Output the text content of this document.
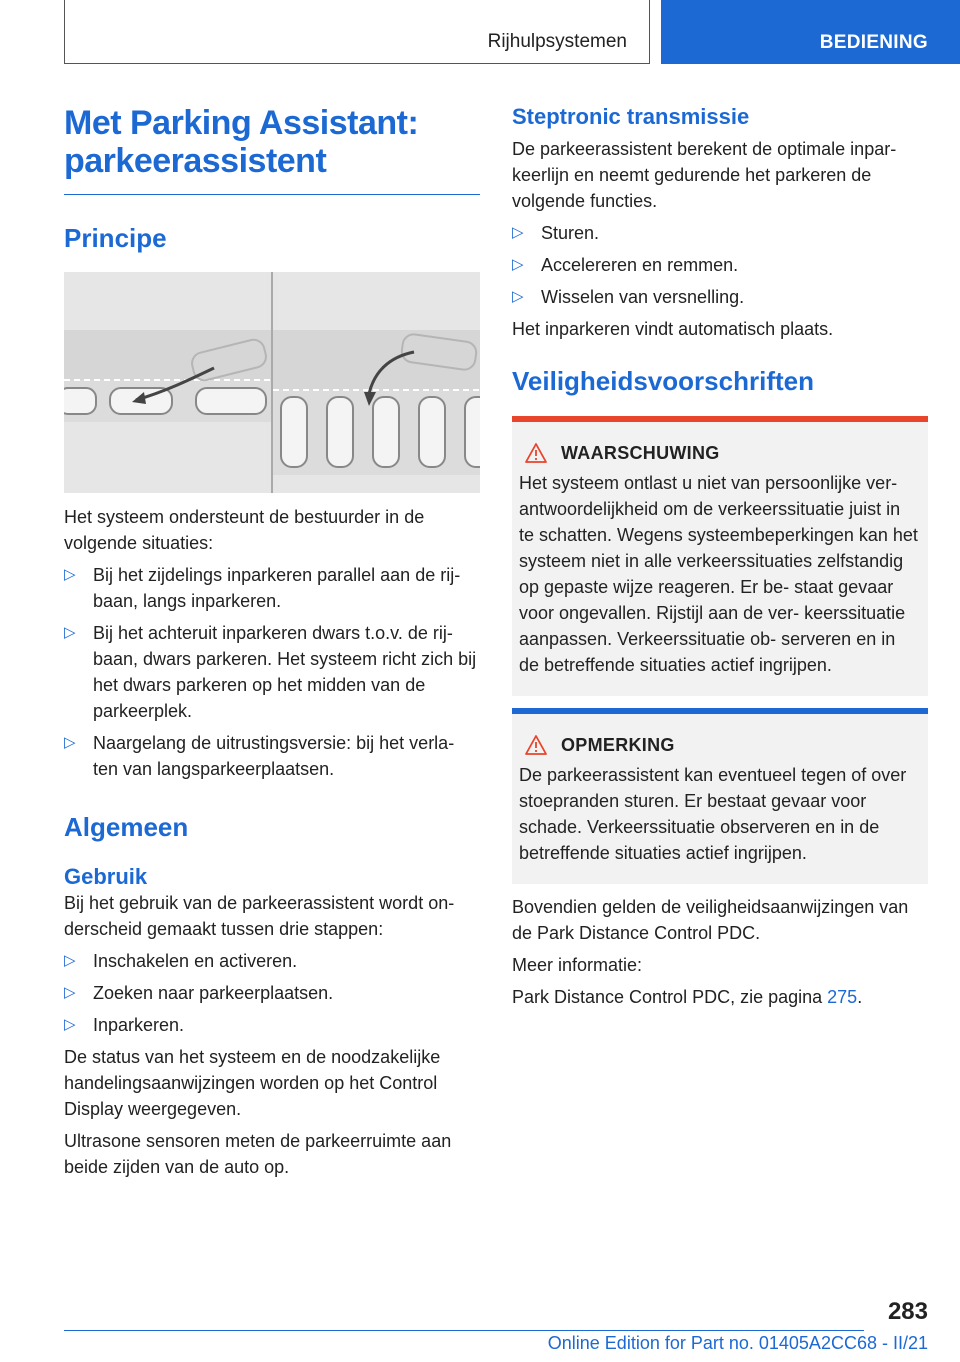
Rijhulpsystemen	BEDIENING
Met Parking Assistant:
parkeerassistent
Principe

Het systeem ondersteunt de bestuurder in de volgende situaties:

▷ Bij het zijdelings inparkeren parallel aan de rij- baan, langs inparkeren.
▷ Bij het achteruit inparkeren dwars t.o.v. de rij- baan, dwars parkeren. Het systeem richt zich bij het dwars parkeren op het midden van de parkeerplek.
▷ Naargelang de uitrustingsversie: bij het verla- ten van langsparkeerplaatsen.
Algemeen
Gebruik

Bij het gebruik van de parkeerassistent wordt on- derscheid gemaakt tussen drie stappen:

▷ Inschakelen en activeren.
▷ Zoeken naar parkeerplaatsen.
▷ Inparkeren.

De status van het systeem en de noodzakelijke handelingsaanwijzingen worden op het Control Display weergegeven.

Ultrasone sensoren meten de parkeerruimte aan beide zijden van de auto op.

Steptronic transmissie

De parkeerassistent berekent de optimale inpar- keerlijn en neemt gedurende het parkeren de volgende functies.

▷ Sturen.
▷ Accelereren en remmen.
▷ Wisselen van versnelling.

Het inparkeren vindt automatisch plaats.

Veiligheidsvoorschriften
WAARSCHUWING

Het systeem ontlast u niet van persoonlijke ver- antwoordelijkheid om de verkeerssituatie juist in te schatten. Wegens systeembeperkingen kan het systeem niet in alle verkeerssituaties zelfstandig op gepaste wijze reageren. Er be- staat gevaar voor ongevallen. Rijstijl aan de ver- keerssituatie aanpassen. Verkeerssituatie ob- serveren en in de betreffende situaties actief ingrijpen.

OPMERKING

De parkeerassistent kan eventueel tegen of over stoepranden sturen. Er bestaat gevaar voor schade. Verkeerssituatie observeren en in de betreffende situaties actief ingrijpen.

Bovendien gelden de veiligheidsaanwijzingen van de Park Distance Control PDC.

Meer informatie:

Park Distance Control PDC, zie pagina 275.

283
Online Edition for Part no. 01405A2CC68 - II/21
